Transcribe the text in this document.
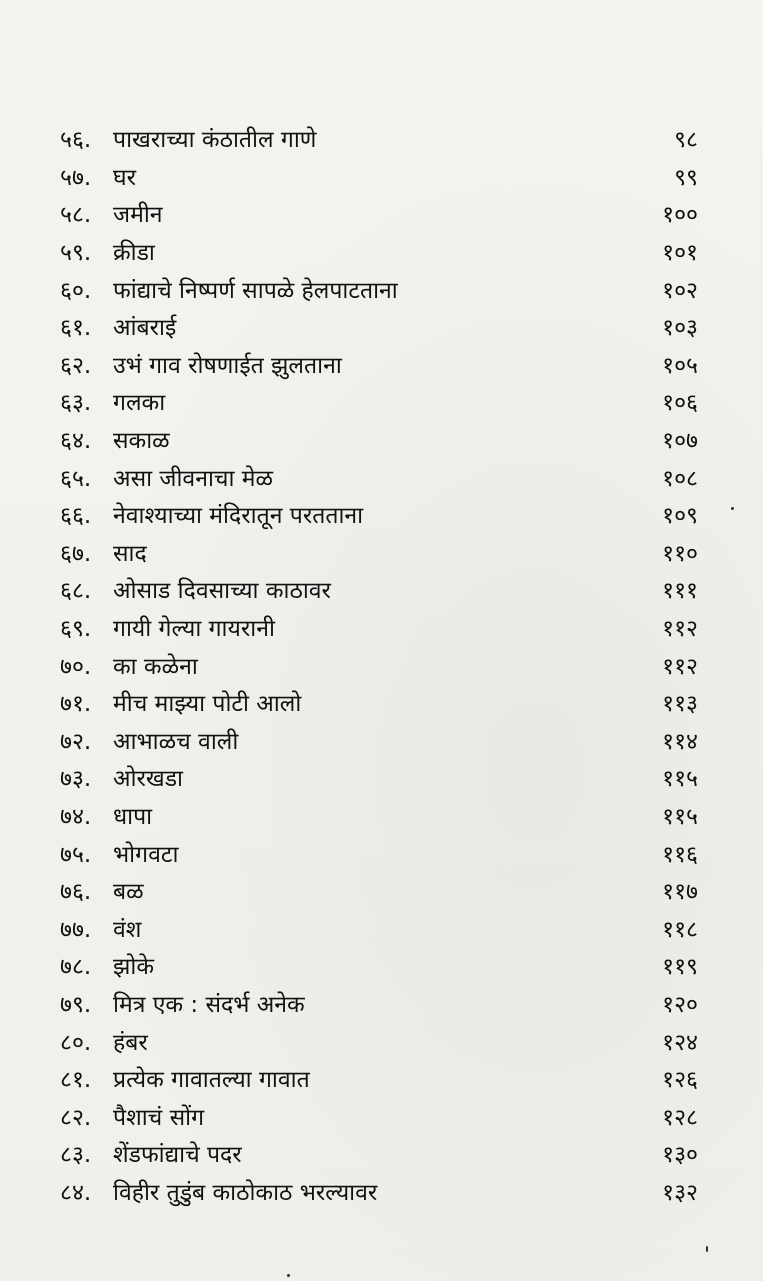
५६. पाखराच्या कंठातील गाणे	९८
५७. घर	९९
५८. जमीन	१००
५९. क्रीडा	१०१
६०. फांद्याचे निष्पर्ण सापळे हेलपाटताना	१०२
६१. आंबराई	१०३
६२. उभं गाव रोषणाईत झुलताना	१०५
६३. गलका	१०६
६४. सकाळ	१०७
६५. असा जीवनाचा मेळ	१०८
६६. नेवाश्याच्या मंदिरातून परतताना	१०९
६७. साद	११०
६८. ओसाड दिवसाच्या काठावर	१११
६९. गायी गेल्या गायरानी	११२
७०. का कळेना	११२
७१. मीच माझ्या पोटी आलो	११३
७२. आभाळच वाली	११४
७३. ओरखडा	११५
७४. धापा	११५
७५. भोगवटा	११६
७६. बळ	११७
७७. वंश	११८
७८. झोके	११९
७९. मित्र एक : संदर्भ अनेक	१२०
८०. हंबर	१२४
८१. प्रत्येक गावातल्या गावात	१२६
८२. पैशाचं सोंग	१२८
८३. शेंडफांद्याचे पदर	१३०
८४. विहीर तुडुंब काठोकाठ भरल्यावर	१३२
